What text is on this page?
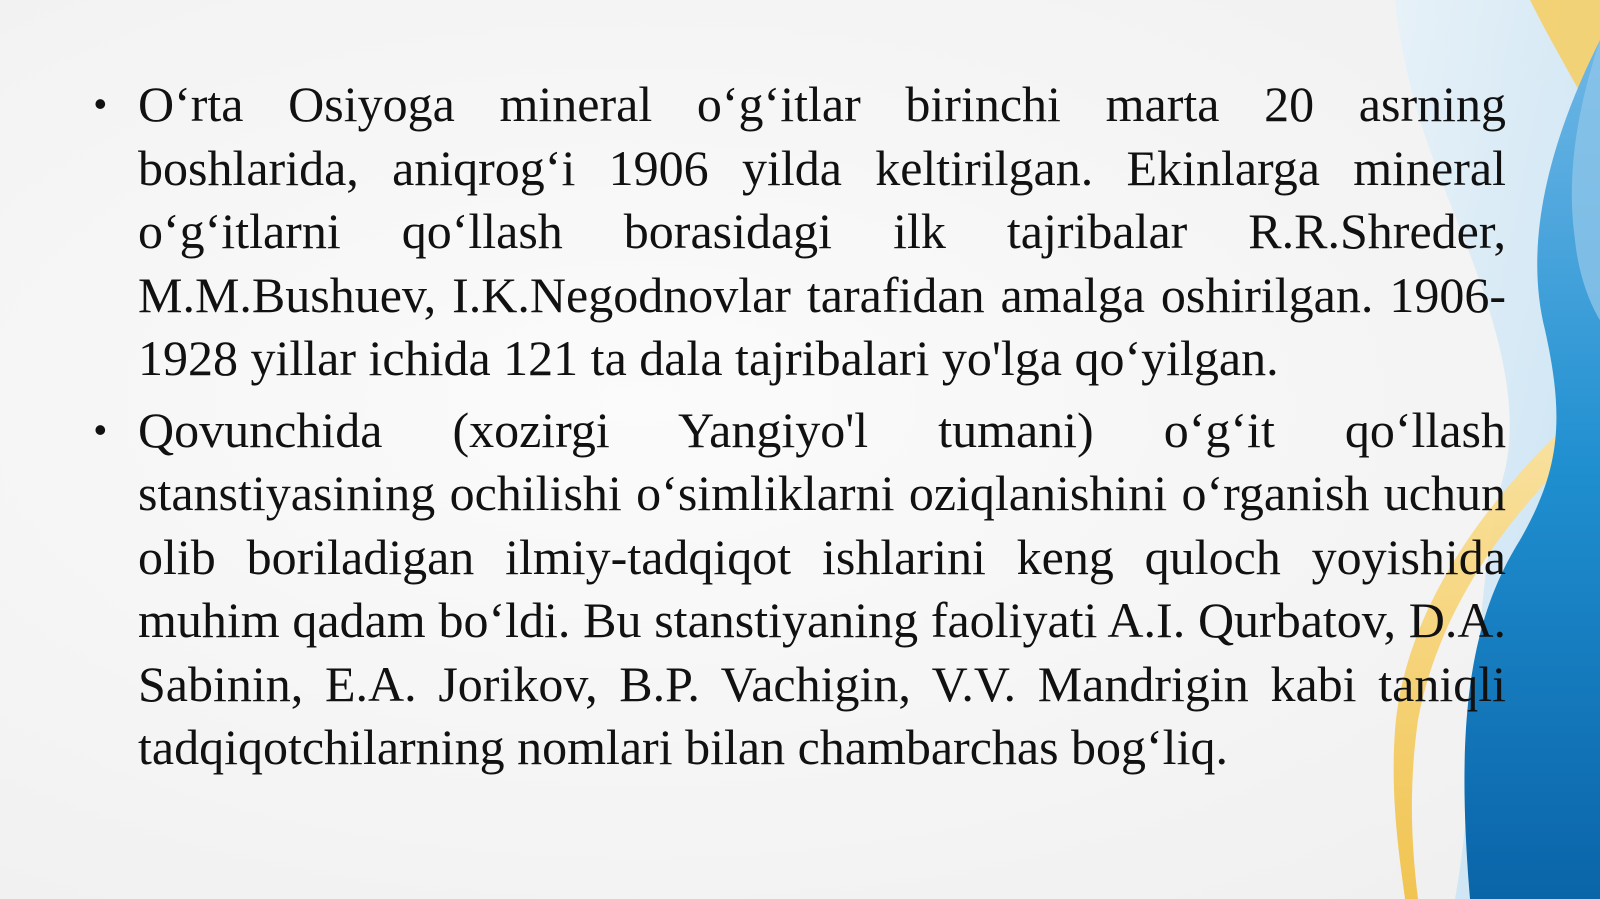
• O‘rta Osiyoga mineral o‘g‘itlar birinchi marta 20 asrning boshlarida, aniqrog‘i 1906 yilda keltirilgan. Ekinlarga mineral o‘g‘itlarni qo‘llash borasidagi ilk tajribalar R.R.Shreder, M.M.Bushuev, I.K.Negodnovlar tarafidan amalga oshirilgan. 1906-1928 yillar ichida 121 ta dala tajribalari yo'lga qo‘yilgan.
• Qovunchida (xozirgi Yangiyo'l tumani) o‘g‘it qo‘llash stanstiyasining ochilishi o‘simliklarni oziqlanishini o‘rganish uchun olib boriladigan ilmiy-tadqiqot ishlarini keng quloch yoyishida muhim qadam bo‘ldi. Bu stanstiyaning faoliyati A.I. Qurbatov, D.A. Sabinin, E.A. Jorikov, B.P. Vachigin, V.V. Mandrigin kabi taniqli tadqiqotchilarning nomlari bilan chambarchas bog‘liq.
